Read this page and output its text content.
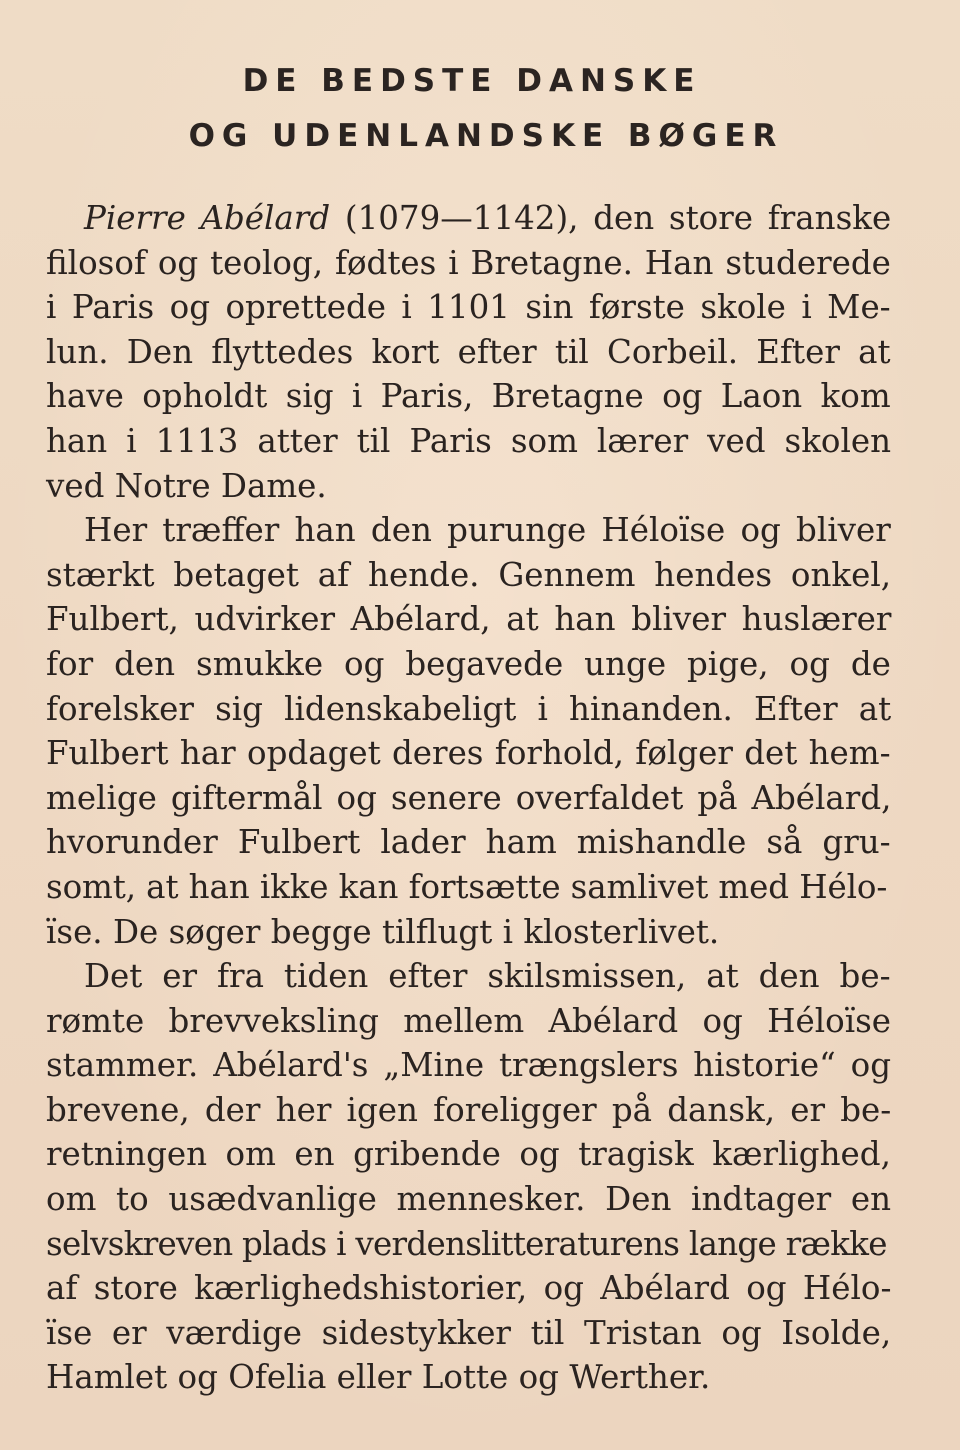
DE BEDSTE DANSKE
OG UDENLANDSKE BØGER
Pierre Abélard (1079—1142), den store franske
filosof og teolog, fødtes i Bretagne. Han studerede
i Paris og oprettede i 1101 sin første skole i Me-
lun. Den flyttedes kort efter til Corbeil. Efter at
have opholdt sig i Paris, Bretagne og Laon kom
han i 1113 atter til Paris som lærer ved skolen
ved Notre Dame.
Her træffer han den purunge Héloïse og bliver
stærkt betaget af hende. Gennem hendes onkel,
Fulbert, udvirker Abélard, at han bliver huslærer
for den smukke og begavede unge pige, og de
forelsker sig lidenskabeligt i hinanden. Efter at
Fulbert har opdaget deres forhold, følger det hem-
melige giftermål og senere overfaldet på Abélard,
hvorunder Fulbert lader ham mishandle så gru-
somt, at han ikke kan fortsætte samlivet med Hélo-
ïse. De søger begge tilflugt i klosterlivet.
Det er fra tiden efter skilsmissen, at den be-
rømte brevveksling mellem Abélard og Héloïse
stammer. Abélard's „Mine trængslers historie“ og
brevene, der her igen foreligger på dansk, er be-
retningen om en gribende og tragisk kærlighed,
om to usædvanlige mennesker. Den indtager en
selvskreven plads i verdenslitteraturens lange række
af store kærlighedshistorier, og Abélard og Hélo-
ïse er værdige sidestykker til Tristan og Isolde,
Hamlet og Ofelia eller Lotte og Werther.
